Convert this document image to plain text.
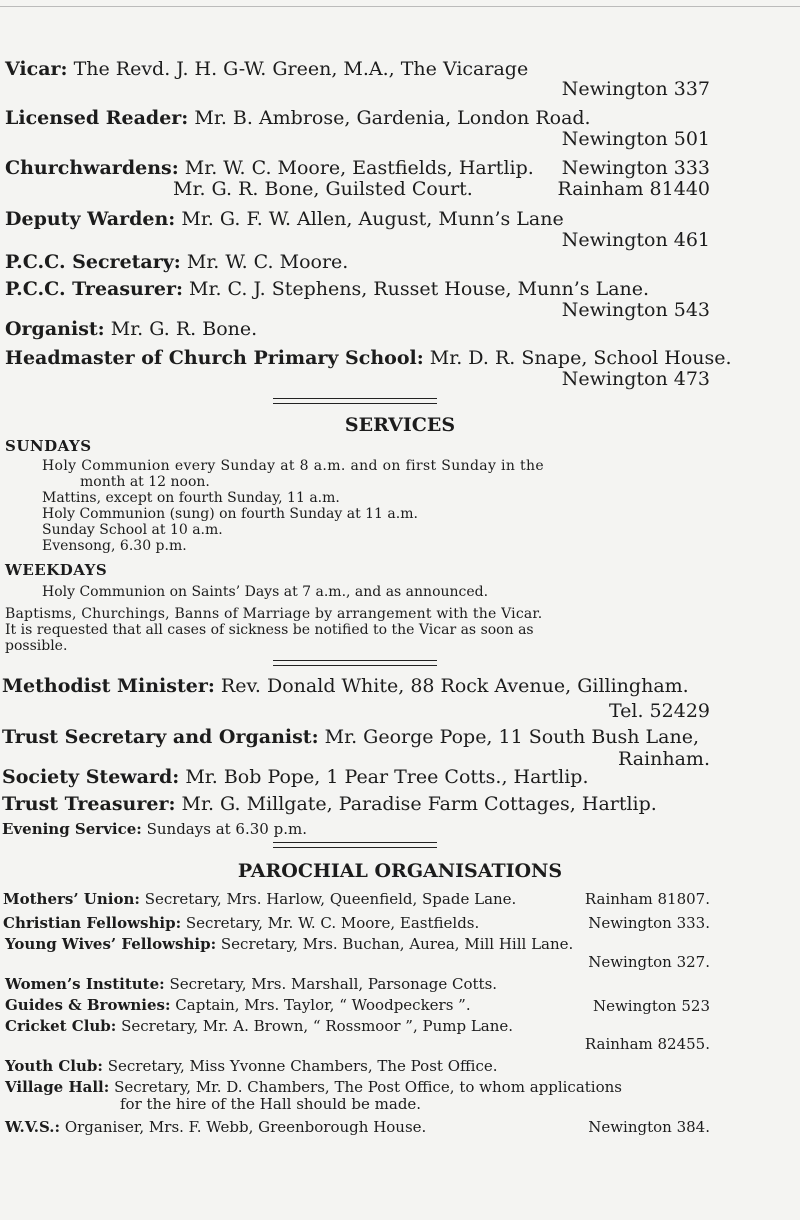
Vicar: The Revd. J. H. G-W. Green, M.A., The Vicarage
Newington 337
Licensed Reader: Mr. B. Ambrose, Gardenia, London Road.
Newington 501
Churchwardens: Mr. W. C. Moore, Eastfields, Hartlip. Newington 333
Mr. G. R. Bone, Guilsted Court.	Rainham 81440
Deputy Warden: Mr. G. F. W. Allen, August, Munn’s Lane
Newington 461
P.C.C. Secretary: Mr. W. C. Moore.
P.C.C. Treasurer: Mr. C. J. Stephens, Russet House, Munn’s Lane.
Newington 543
Organist: Mr. G. R. Bone.
Headmaster of Church Primary School: Mr. D. R. Snape, School House.
Newington 473
SERVICES
SUNDAYS
Holy Communion every Sunday at 8 a.m. and on first Sunday in the
month at 12 noon.
Mattins, except on fourth Sunday, 11 a.m.
Holy Communion (sung) on fourth Sunday at 11 a.m.
Sunday School at 10 a.m.
Evensong, 6.30 p.m.
WEEKDAYS
Holy Communion on Saints’ Days at 7 a.m., and as announced.
Baptisms, Churchings, Banns of Marriage by arrangement with the Vicar.
It is requested that all cases of sickness be notified to the Vicar as soon as
possible.
Methodist Minister: Rev. Donald White, 88 Rock Avenue, Gillingham.
Tel. 52429
Trust Secretary and Organist: Mr. George Pope, 11 South Bush Lane,
Rainham.
Society Steward: Mr. Bob Pope, 1 Pear Tree Cotts., Hartlip.
Trust Treasurer: Mr. G. Millgate, Paradise Farm Cottages, Hartlip.
Evening Service: Sundays at 6.30 p.m.
PAROCHIAL ORGANISATIONS
Mothers’ Union: Secretary, Mrs. Harlow, Queenfield, Spade Lane.	Rainham 81807.
Christian Fellowship: Secretary, Mr. W. C. Moore, Eastfields.	Newington 333.
Young Wives’ Fellowship: Secretary, Mrs. Buchan, Aurea, Mill Hill Lane.
Newington 327.
Women’s Institute: Secretary, Mrs. Marshall, Parsonage Cotts.
Guides & Brownies: Captain, Mrs. Taylor, “ Woodpeckers ”.	Newington 523
Cricket Club: Secretary, Mr. A. Brown, “ Rossmoor ”, Pump Lane.
Rainham 82455.
Youth Club: Secretary, Miss Yvonne Chambers, The Post Office.
Village Hall: Secretary, Mr. D. Chambers, The Post Office, to whom applications
for the hire of the Hall should be made.
W.V.S.: Organiser, Mrs. F. Webb, Greenborough House.	Newington 384.
